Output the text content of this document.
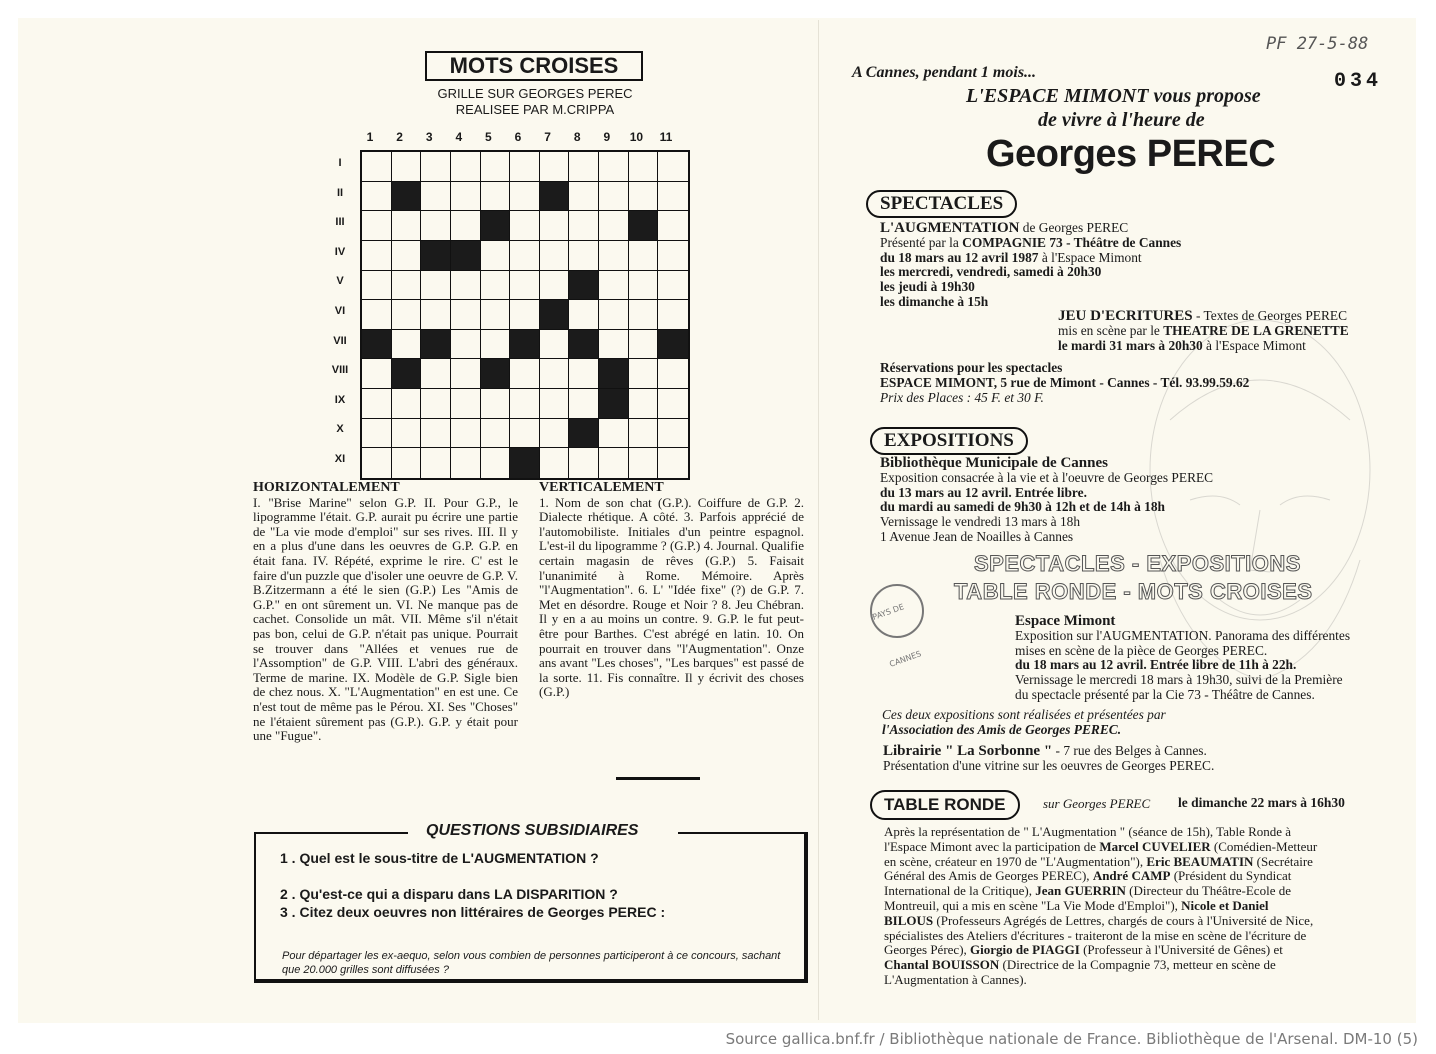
PF 27-5-88
034
MOTS CROISES
GRILLE SUR GEORGES PEREC
REALISEE PAR M.CRIPPA
1	2	3	4	5	6	7	8	9	10	11
I
II
III
IV
V
VI
VII
VIII
IX
X
XI
HORIZONTALEMENT
I. "Brise Marine" selon G.P. II. Pour G.P., le lipogramme l'était. G.P. aurait pu écrire une partie de "La vie mode d'emploi" sur ses rives. III. Il y en a plus d'une dans les oeuvres de G.P. G.P. en était fana. IV. Répété, exprime le rire. C' est le faire d'un puzzle que d'isoler une oeuvre de G.P. V. B.Zitzermann a été le sien (G.P.) Les "Amis de G.P." en ont sûrement un. VI. Ne manque pas de cachet. Consolide un mât. VII. Même s'il n'était pas bon, celui de G.P. n'était pas unique. Pourrait se trouver dans "Allées et venues rue de l'Assomption" de G.P. VIII. L'abri des généraux. Terme de marine. IX. Modèle de G.P. Sigle bien de chez nous. X. "L'Augmentation" en est une. Ce n'est tout de même pas le Pérou. XI. Ses "Choses" ne l'étaient sûrement pas (G.P.). G.P. y était pour une "Fugue".
VERTICALEMENT
1. Nom de son chat (G.P.). Coiffure de G.P. 2. Dialecte rhétique. A côté. 3. Parfois apprécié de l'automobiliste. Initiales d'un peintre espagnol. L'est-il du lipogramme ? (G.P.) 4. Journal. Qualifie certain magasin de rêves (G.P.) 5. Faisait l'unanimité à Rome. Mémoire. Après "l'Augmentation". 6. L' "Idée fixe" (?) de G.P. 7. Met en désordre. Rouge et Noir ? 8. Jeu Chébran. Il y en a au moins un contre. 9. G.P. le fut peut-être pour Barthes. C'est abrégé en latin. 10. On pourrait en trouver dans "l'Augmentation". Onze ans avant "Les choses", "Les barques" est passé de la sorte. 11. Fis connaître. Il y écrivit des choses (G.P.)
QUESTIONS SUBSIDIAIRES
1 . Quel est le sous-titre de L'AUGMENTATION ?
2 . Qu'est-ce qui a disparu dans LA DISPARITION ?
3 . Citez deux oeuvres non littéraires de Georges PEREC :
Pour départager les ex-aequo, selon vous combien de personnes participeront à ce concours, sachant que 20.000 grilles sont diffusées ?
A Cannes, pendant 1 mois...
L'ESPACE MIMONT vous propose
de vivre à l'heure de
Georges PEREC
SPECTACLES
L'AUGMENTATION de Georges PEREC
Présenté par la COMPAGNIE 73 - Théâtre de Cannes
du 18 mars au 12 avril 1987 à l'Espace Mimont
les mercredi, vendredi, samedi à 20h30
les jeudi à 19h30
les dimanche à 15h
JEU D'ECRITURES - Textes de Georges PEREC
mis en scène par le THEATRE DE LA GRENETTE
le mardi 31 mars à 20h30 à l'Espace Mimont
Réservations pour les spectacles
ESPACE MIMONT, 5 rue de Mimont - Cannes - Tél. 93.99.59.62
Prix des Places : 45 F. et 30 F.
EXPOSITIONS
Bibliothèque Municipale de Cannes
Exposition consacrée à la vie et à l'oeuvre de Georges PEREC
du 13 mars au 12 avril. Entrée libre.
du mardi au samedi de 9h30 à 12h et de 14h à 18h
Vernissage le vendredi 13 mars à 18h
1 Avenue Jean de Noailles à Cannes
SPECTACLES - EXPOSITIONS
TABLE RONDE - MOTS CROISES
PAYS DE CANNES
Espace Mimont
Exposition sur l'AUGMENTATION. Panorama des différentes
mises en scène de la pièce de Georges PEREC.
du 18 mars au 12 avril. Entrée libre de 11h à 22h.
Vernissage le mercredi 18 mars à 19h30, suivi de la Première
du spectacle présenté par la Cie 73 - Théâtre de Cannes.
Ces deux expositions sont réalisées et présentées par
l'Association des Amis de Georges PEREC.
Librairie " La Sorbonne " - 7 rue des Belges à Cannes.
Présentation d'une vitrine sur les oeuvres de Georges PEREC.
TABLE RONDE	sur Georges PEREC le dimanche 22 mars à 16h30
Après la représentation de " L'Augmentation " (séance de 15h), Table Ronde à
l'Espace Mimont avec la participation de Marcel CUVELIER (Comédien-Metteur
en scène, créateur en 1970 de "L'Augmentation"), Eric BEAUMATIN (Secrétaire
Général des Amis de Georges PEREC), André CAMP (Président du Syndicat
International de la Critique), Jean GUERRIN (Directeur du Théâtre-Ecole de
Montreuil, qui a mis en scène "La Vie Mode d'Emploi"), Nicole et Daniel
BILOUS (Professeurs Agrégés de Lettres, chargés de cours à l'Université de Nice,
spécialistes des Ateliers d'écritures - traiteront de la mise en scène de l'écriture de
Georges Pérec), Giorgio de PIAGGI (Professeur à l'Université de Gênes) et
Chantal BOUISSON (Directrice de la Compagnie 73, metteur en scène de
L'Augmentation à Cannes).
Source gallica.bnf.fr / Bibliothèque nationale de France. Bibliothèque de l'Arsenal. DM-10 (5)
